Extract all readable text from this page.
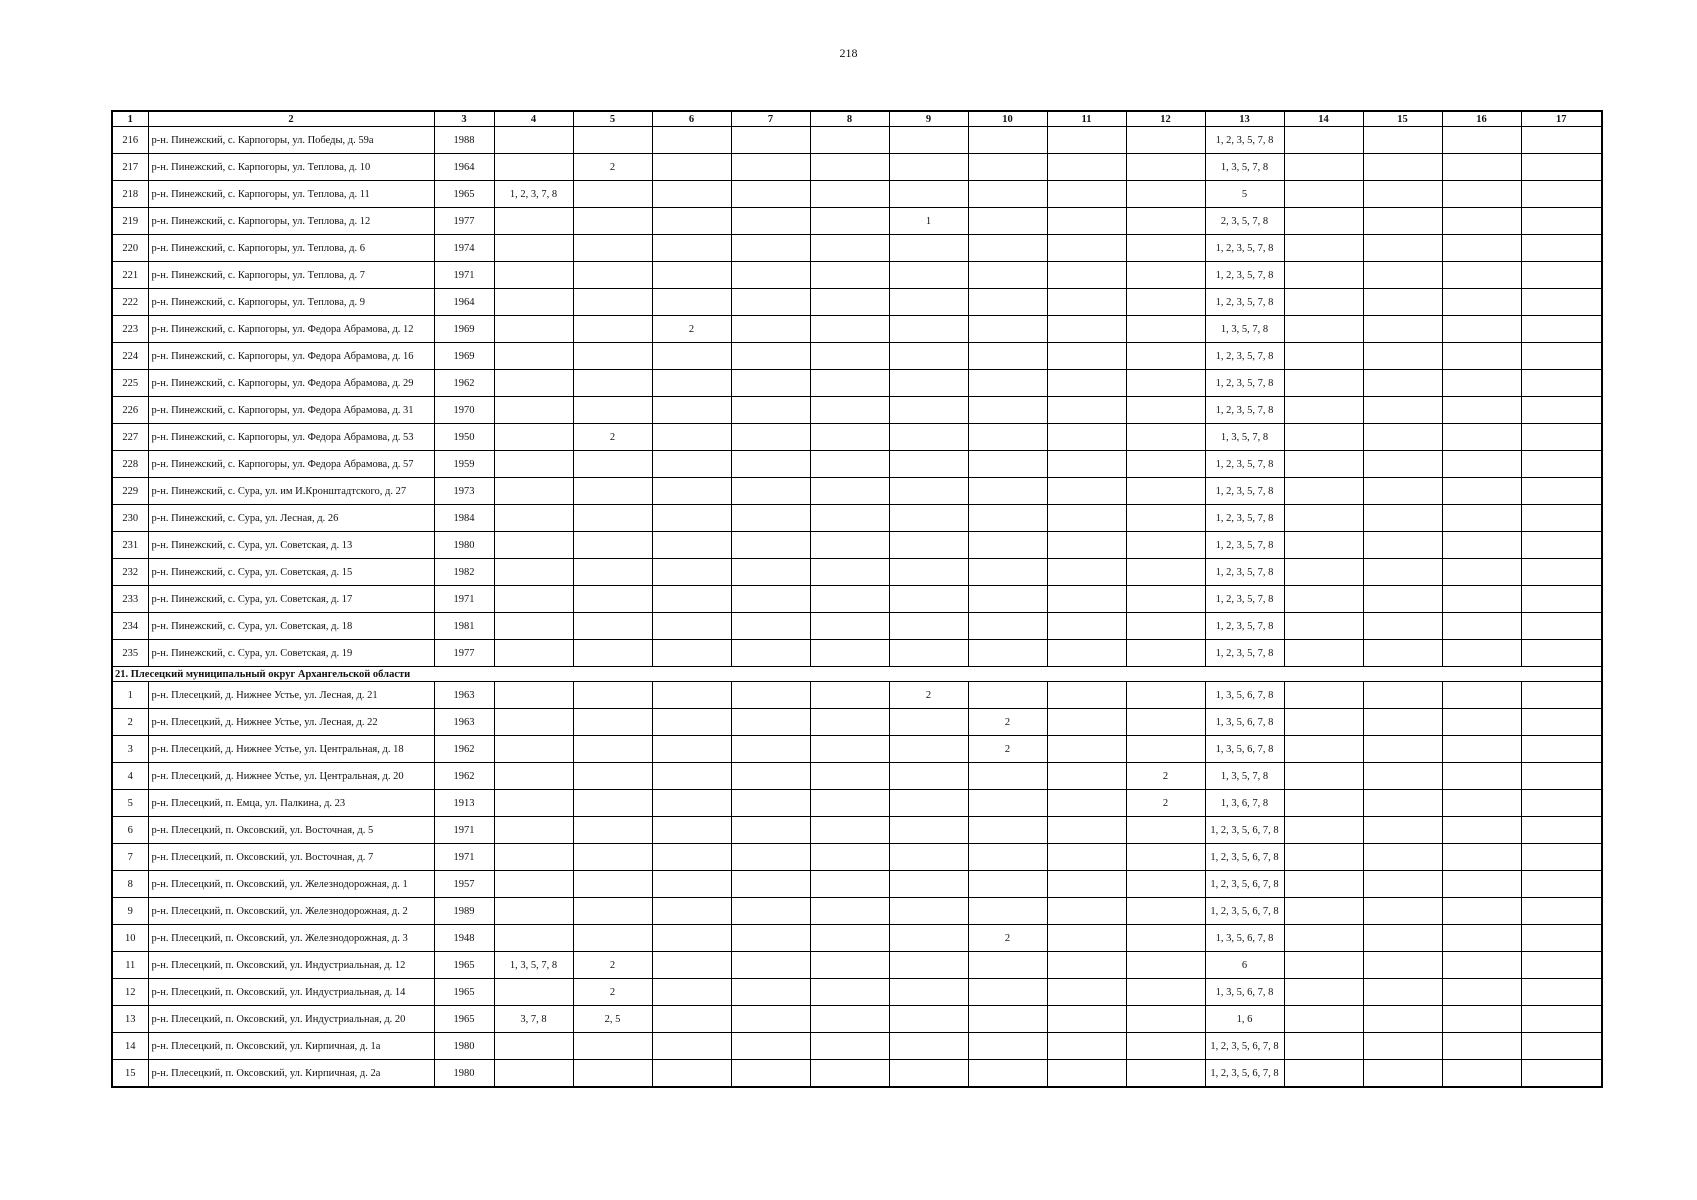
218
1	2	3	4	5	6	7	8	9	10	11	12	13	14	15	16	17
216	р-н. Пинежский, с. Карпогоры, ул. Победы, д. 59а	1988										1, 2, 3, 5, 7, 8				
217	р-н. Пинежский, с. Карпогоры, ул. Теплова, д. 10	1964		2								1, 3, 5, 7, 8				
218	р-н. Пинежский, с. Карпогоры, ул. Теплова, д. 11	1965	1, 2, 3, 7, 8									5				
219	р-н. Пинежский, с. Карпогоры, ул. Теплова, д. 12	1977						1				2, 3, 5, 7, 8				
220	р-н. Пинежский, с. Карпогоры, ул. Теплова, д. 6	1974										1, 2, 3, 5, 7, 8				
221	р-н. Пинежский, с. Карпогоры, ул. Теплова, д. 7	1971										1, 2, 3, 5, 7, 8				
222	р-н. Пинежский, с. Карпогоры, ул. Теплова, д. 9	1964										1, 2, 3, 5, 7, 8				
223	р-н. Пинежский, с. Карпогоры, ул. Федора Абрамова, д. 12	1969			2							1, 3, 5, 7, 8				
224	р-н. Пинежский, с. Карпогоры, ул. Федора Абрамова, д. 16	1969										1, 2, 3, 5, 7, 8				
225	р-н. Пинежский, с. Карпогоры, ул. Федора Абрамова, д. 29	1962										1, 2, 3, 5, 7, 8				
226	р-н. Пинежский, с. Карпогоры, ул. Федора Абрамова, д. 31	1970										1, 2, 3, 5, 7, 8				
227	р-н. Пинежский, с. Карпогоры, ул. Федора Абрамова, д. 53	1950		2								1, 3, 5, 7, 8				
228	р-н. Пинежский, с. Карпогоры, ул. Федора Абрамова, д. 57	1959										1, 2, 3, 5, 7, 8				
229	р-н. Пинежский, с. Сура, ул. им И.Кронштадтского, д. 27	1973										1, 2, 3, 5, 7, 8				
230	р-н. Пинежский, с. Сура, ул. Лесная, д. 26	1984										1, 2, 3, 5, 7, 8				
231	р-н. Пинежский, с. Сура, ул. Советская, д. 13	1980										1, 2, 3, 5, 7, 8				
232	р-н. Пинежский, с. Сура, ул. Советская, д. 15	1982										1, 2, 3, 5, 7, 8				
233	р-н. Пинежский, с. Сура, ул. Советская, д. 17	1971										1, 2, 3, 5, 7, 8				
234	р-н. Пинежский, с. Сура, ул. Советская, д. 18	1981										1, 2, 3, 5, 7, 8				
235	р-н. Пинежский, с. Сура, ул. Советская, д. 19	1977										1, 2, 3, 5, 7, 8				
21. Плесецкий муниципальный округ Архангельской области																
1	р-н. Плесецкий, д. Нижнее Устье, ул. Лесная, д. 21	1963						2				1, 3, 5, 6, 7, 8				
2	р-н. Плесецкий, д. Нижнее Устье, ул. Лесная, д. 22	1963							2			1, 3, 5, 6, 7, 8				
3	р-н. Плесецкий, д. Нижнее Устье, ул. Центральная, д. 18	1962							2			1, 3, 5, 6, 7, 8				
4	р-н. Плесецкий, д. Нижнее Устье, ул. Центральная, д. 20	1962									2	1, 3, 5, 7, 8				
5	р-н. Плесецкий, п. Емца, ул. Палкина, д. 23	1913									2	1, 3, 6, 7, 8				
6	р-н. Плесецкий, п. Оксовский, ул. Восточная, д. 5	1971										1, 2, 3, 5, 6, 7, 8				
7	р-н. Плесецкий, п. Оксовский, ул. Восточная, д. 7	1971										1, 2, 3, 5, 6, 7, 8				
8	р-н. Плесецкий, п. Оксовский, ул. Железнодорожная, д. 1	1957										1, 2, 3, 5, 6, 7, 8				
9	р-н. Плесецкий, п. Оксовский, ул. Железнодорожная, д. 2	1989										1, 2, 3, 5, 6, 7, 8				
10	р-н. Плесецкий, п. Оксовский, ул. Железнодорожная, д. 3	1948							2			1, 3, 5, 6, 7, 8				
11	р-н. Плесецкий, п. Оксовский, ул. Индустриальная, д. 12	1965	1, 3, 5, 7, 8	2								6				
12	р-н. Плесецкий, п. Оксовский, ул. Индустриальная, д. 14	1965		2								1, 3, 5, 6, 7, 8				
13	р-н. Плесецкий, п. Оксовский, ул. Индустриальная, д. 20	1965	3, 7, 8	2, 5								1, 6				
14	р-н. Плесецкий, п. Оксовский, ул. Кирпичная, д. 1а	1980										1, 2, 3, 5, 6, 7, 8				
15	р-н. Плесецкий, п. Оксовский, ул. Кирпичная, д. 2а	1980										1, 2, 3, 5, 6, 7, 8				
